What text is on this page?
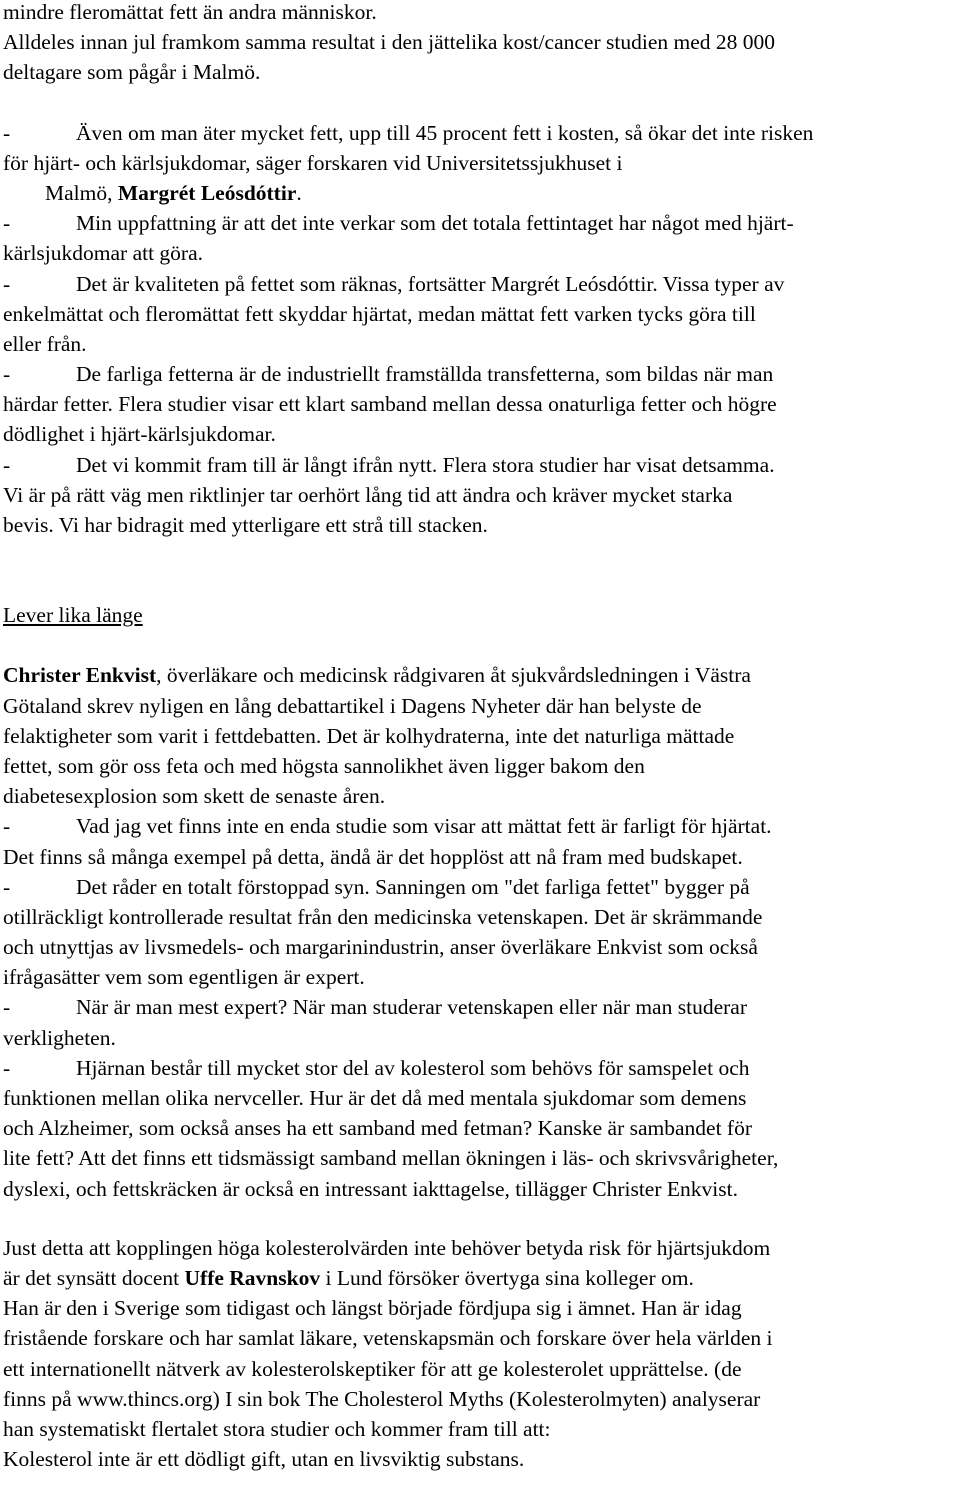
mindre fleromättat fett än andra människor.
Alldeles innan jul framkom samma resultat i den jättelika kost/cancer studien med 28 000
deltagare som pågår i Malmö.
-	Även om man äter mycket fett, upp till 45 procent fett i kosten, så ökar det inte risken
för hjärt- och kärlsjukdomar, säger forskaren vid Universitetssjukhuset i
Malmö, Margrét Leósdóttir.
-	Min uppfattning är att det inte verkar som det totala fettintaget har något med hjärt-
kärlsjukdomar att göra.
-	Det är kvaliteten på fettet som räknas, fortsätter Margrét Leósdóttir. Vissa typer av
enkelmättat och fleromättat fett skyddar hjärtat, medan mättat fett varken tycks göra till
eller från.
-	De farliga fetterna är de industriellt framställda transfetterna, som bildas när man
härdar fetter. Flera studier visar ett klart samband mellan dessa onaturliga fetter och högre
dödlighet i hjärt-kärlsjukdomar.
-	Det vi kommit fram till är långt ifrån nytt. Flera stora studier har visat detsamma.
Vi är på rätt väg men riktlinjer tar oerhört lång tid att ändra och kräver mycket starka
bevis. Vi har bidragit med ytterligare ett strå till stacken.
Lever lika länge
Christer Enkvist, överläkare och medicinsk rådgivaren åt sjukvårdsledningen i Västra
Götaland skrev nyligen en lång debattartikel i Dagens Nyheter där han belyste de
felaktigheter som varit i fettdebatten. Det är kolhydraterna, inte det naturliga mättade
fettet, som gör oss feta och med högsta sannolikhet även ligger bakom den
diabetesexplosion som skett de senaste åren.
-	Vad jag vet finns inte en enda studie som visar att mättat fett är farligt för hjärtat.
Det finns så många exempel på detta, ändå är det hopplöst att nå fram med budskapet.
-	Det råder en totalt förstoppad syn. Sanningen om "det farliga fettet" bygger på
otillräckligt kontrollerade resultat från den medicinska vetenskapen. Det är skrämmande
och utnyttjas av livsmedels- och margarinindustrin, anser överläkare Enkvist som också
ifrågasätter vem som egentligen är expert.
-	När är man mest expert? När man studerar vetenskapen eller när man studerar
verkligheten.
-	Hjärnan består till mycket stor del av kolesterol som behövs för samspelet och
funktionen mellan olika nervceller. Hur är det då med mentala sjukdomar som demens
och Alzheimer, som också anses ha ett samband med fetman? Kanske är sambandet för
lite fett? Att det finns ett tidsmässigt samband mellan ökningen i läs- och skrivsvårigheter,
dyslexi, och fettskräcken är också en intressant iakttagelse, tillägger Christer Enkvist.
Just detta att kopplingen höga kolesterolvärden inte behöver betyda risk för hjärtsjukdom
är det synsätt docent Uffe Ravnskov i Lund försöker övertyga sina kolleger om.
Han är den i Sverige som tidigast och längst började fördjupa sig i ämnet. Han är idag
fristående forskare och har samlat läkare, vetenskapsmän och forskare över hela världen i
ett internationellt nätverk av kolesterolskeptiker för att ge kolesterolet upprättelse. (de
finns på www.thincs.org) I sin bok The Cholesterol Myths (Kolesterolmyten) analyserar
han systematiskt flertalet stora studier och kommer fram till att:
Kolesterol inte är ett dödligt gift, utan en livsviktig substans.
